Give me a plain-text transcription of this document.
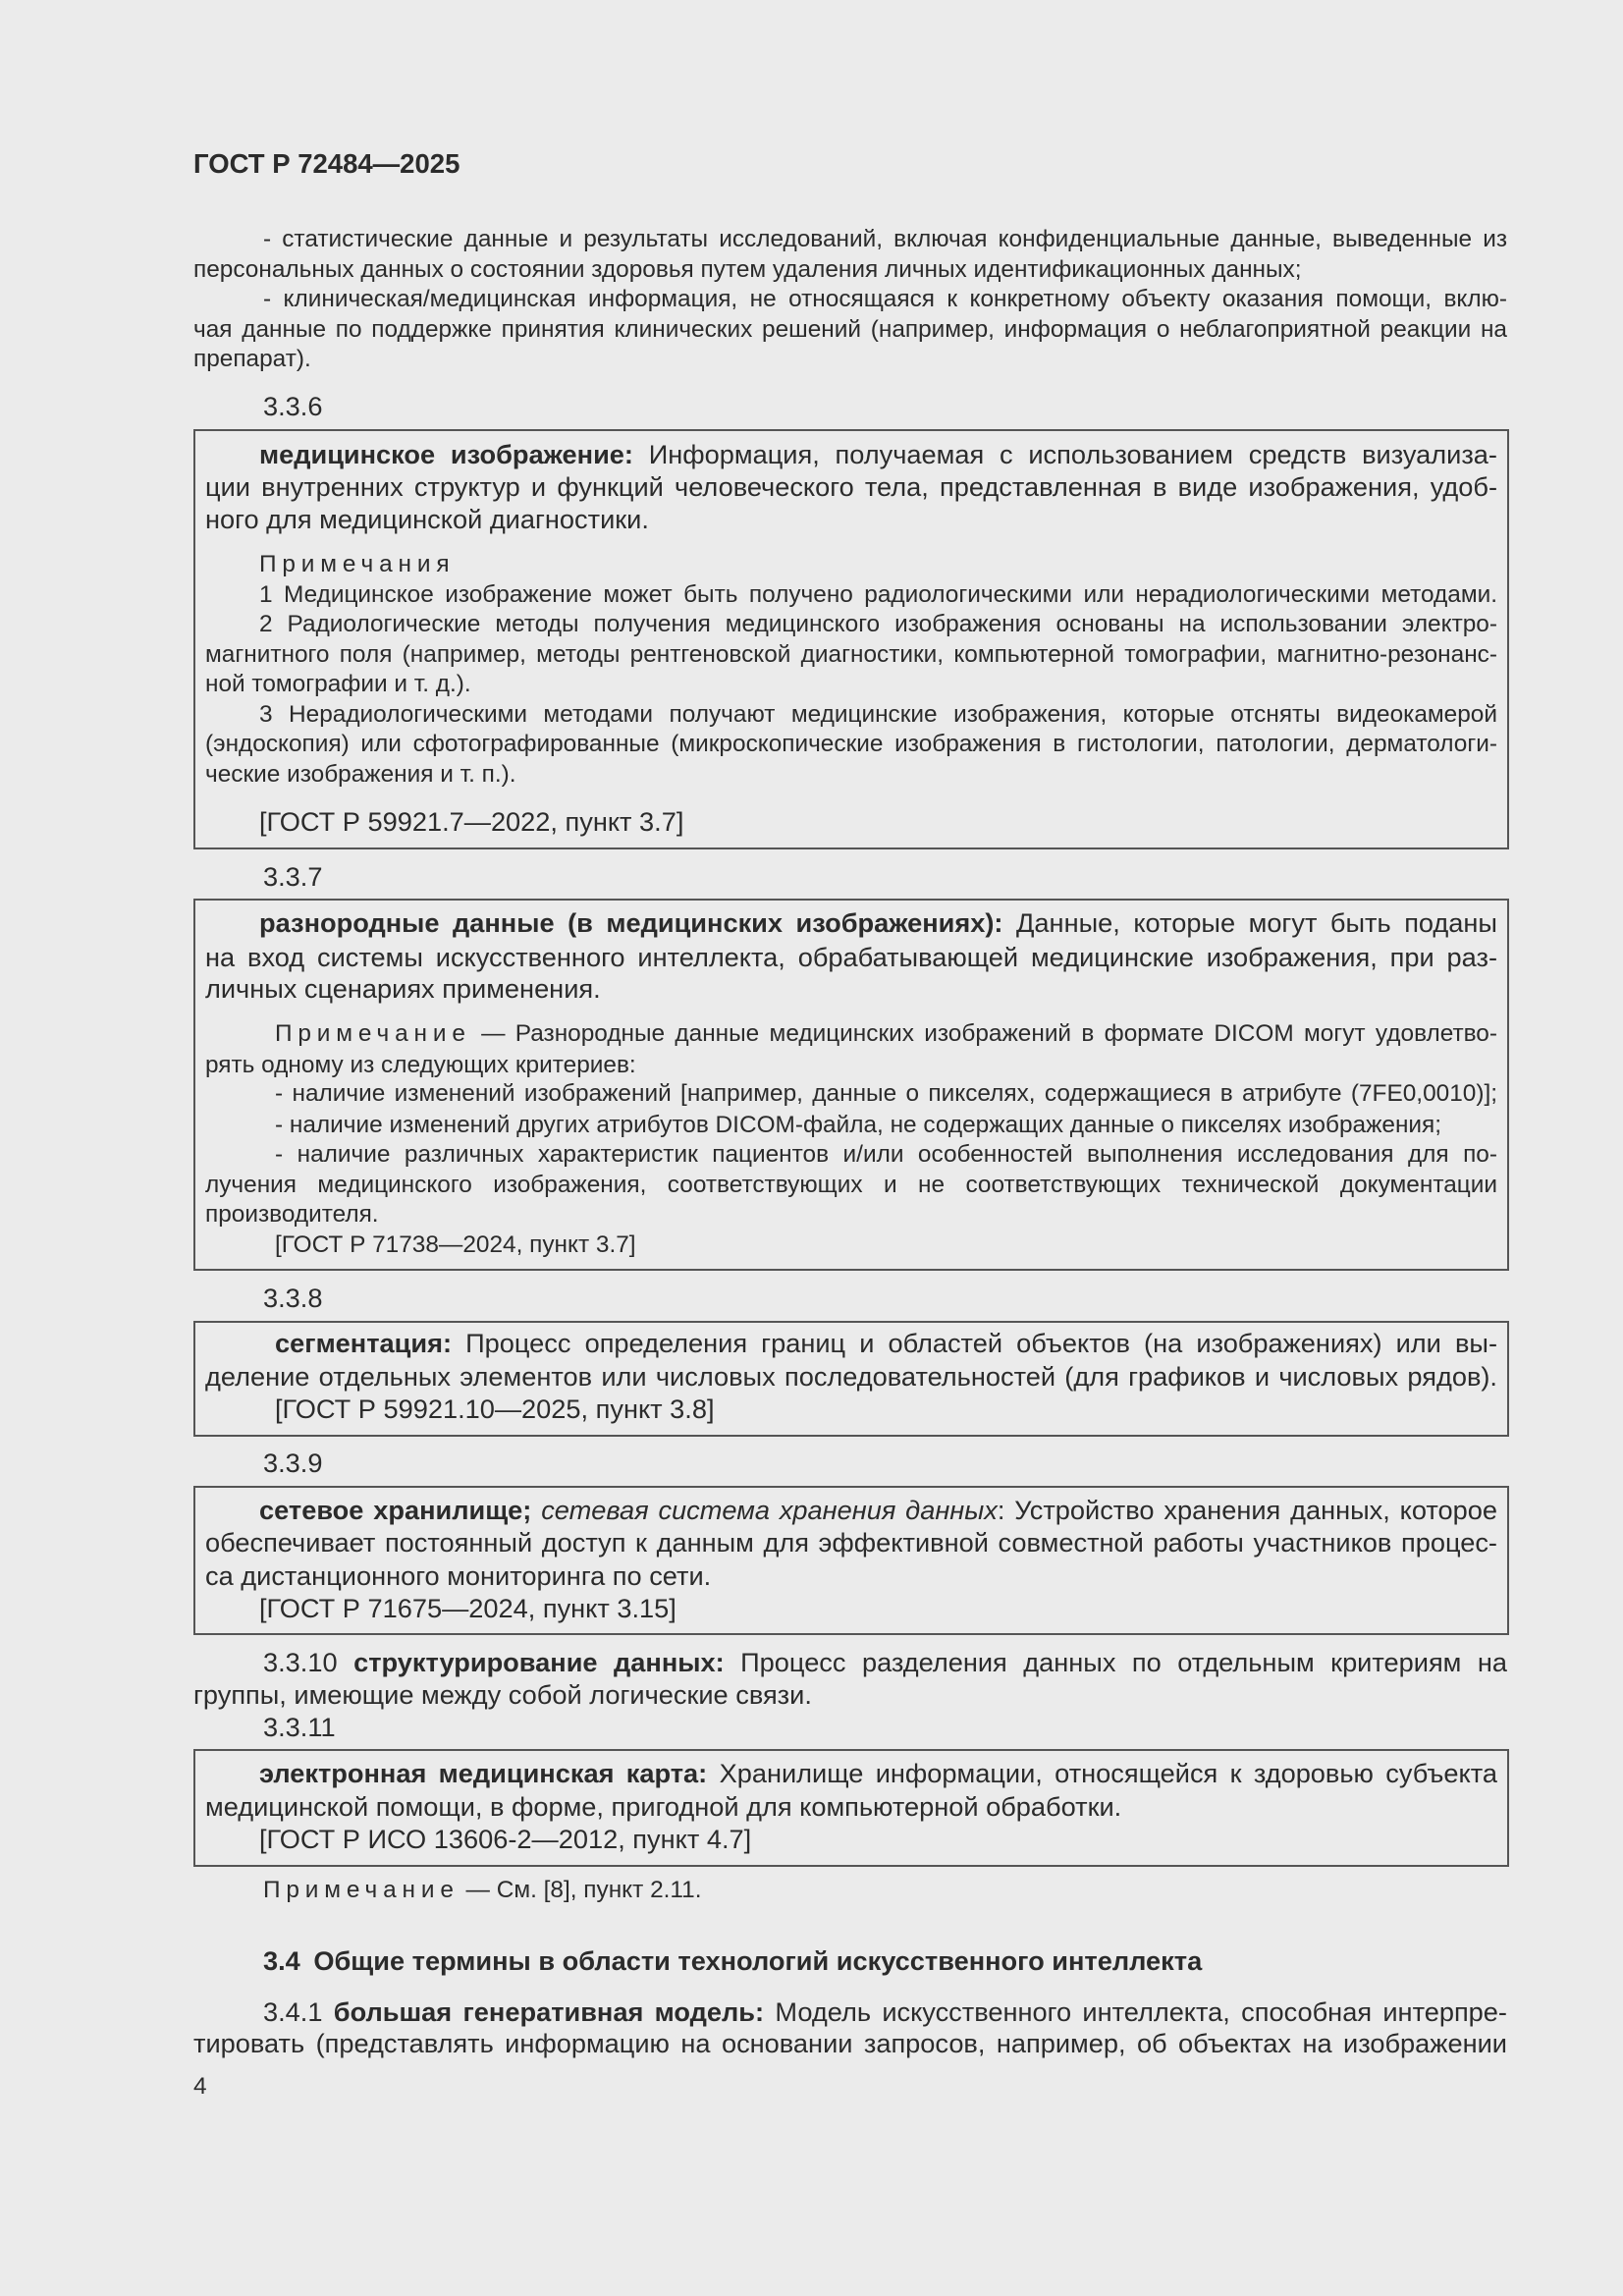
ГОСТ Р 72484—2025
- статистические данные и результаты исследований, включая конфиденциальные данные, выведенные из
персональных данных о состоянии здоровья путем удаления личных идентификационных данных;
- клиническая/медицинская информация, не относящаяся к конкретному объекту оказания помощи, вклю-
чая данные по поддержке принятия клинических решений (например, информация о неблагоприятной реакции на
препарат).
3.3.6
медицинское изображение: Информация, получаемая с использованием средств визуализа-
ции внутренних структур и функций человеческого тела, представленная в виде изображения, удоб-
ного для медицинской диагностики.
Примечания
1 Медицинское изображение может быть получено радиологическими или нерадиологическими методами.
2 Радиологические методы получения медицинского изображения основаны на использовании электро-
магнитного поля (например, методы рентгеновской диагностики, компьютерной томографии, магнитно-резонанс-
ной томографии и т. д.).
3 Нерадиологическими методами получают медицинские изображения, которые отсняты видеокамерой
(эндоскопия) или сфотографированные (микроскопические изображения в гистологии, патологии, дерматологи-
ческие изображения и т. п.).
[ГОСТ Р 59921.7—2022, пункт 3.7]
3.3.7
разнородные данные (в медицинских изображениях): Данные, которые могут быть поданы
на вход системы искусственного интеллекта, обрабатывающей медицинские изображения, при раз-
личных сценариях применения.
Примечание — Разнородные данные медицинских изображений в формате DICOM могут удовлетво-
рять одному из следующих критериев:
- наличие изменений изображений [например, данные о пикселях, содержащиеся в атрибуте (7FE0,0010)];
- наличие изменений других атрибутов DICOM-файла, не содержащих данные о пикселях изображения;
- наличие различных характеристик пациентов и/или особенностей выполнения исследования для по-
лучения медицинского изображения, соответствующих и не соответствующих технической документации
производителя.
[ГОСТ Р 71738—2024, пункт 3.7]
3.3.8
сегментация: Процесс определения границ и областей объектов (на изображениях) или вы-
деление отдельных элементов или числовых последовательностей (для графиков и числовых рядов).
[ГОСТ Р 59921.10—2025, пункт 3.8]
3.3.9
сетевое хранилище; сетевая система хранения данных: Устройство хранения данных, которое
обеспечивает постоянный доступ к данным для эффективной совместной работы участников процес-
са дистанционного мониторинга по сети.
[ГОСТ Р 71675—2024, пункт 3.15]
3.3.10 структурирование данных: Процесс разделения данных по отдельным критериям на
группы, имеющие между собой логические связи.
3.3.11
электронная медицинская карта: Хранилище информации, относящейся к здоровью субъекта
медицинской помощи, в форме, пригодной для компьютерной обработки.
[ГОСТ Р ИСО 13606-2—2012, пункт 4.7]
Примечание — См. [8], пункт 2.11.
3.4 Общие термины в области технологий искусственного интеллекта
3.4.1 большая генеративная модель: Модель искусственного интеллекта, способная интерпре-
тировать (представлять информацию на основании запросов, например, об объектах на изображении
4
